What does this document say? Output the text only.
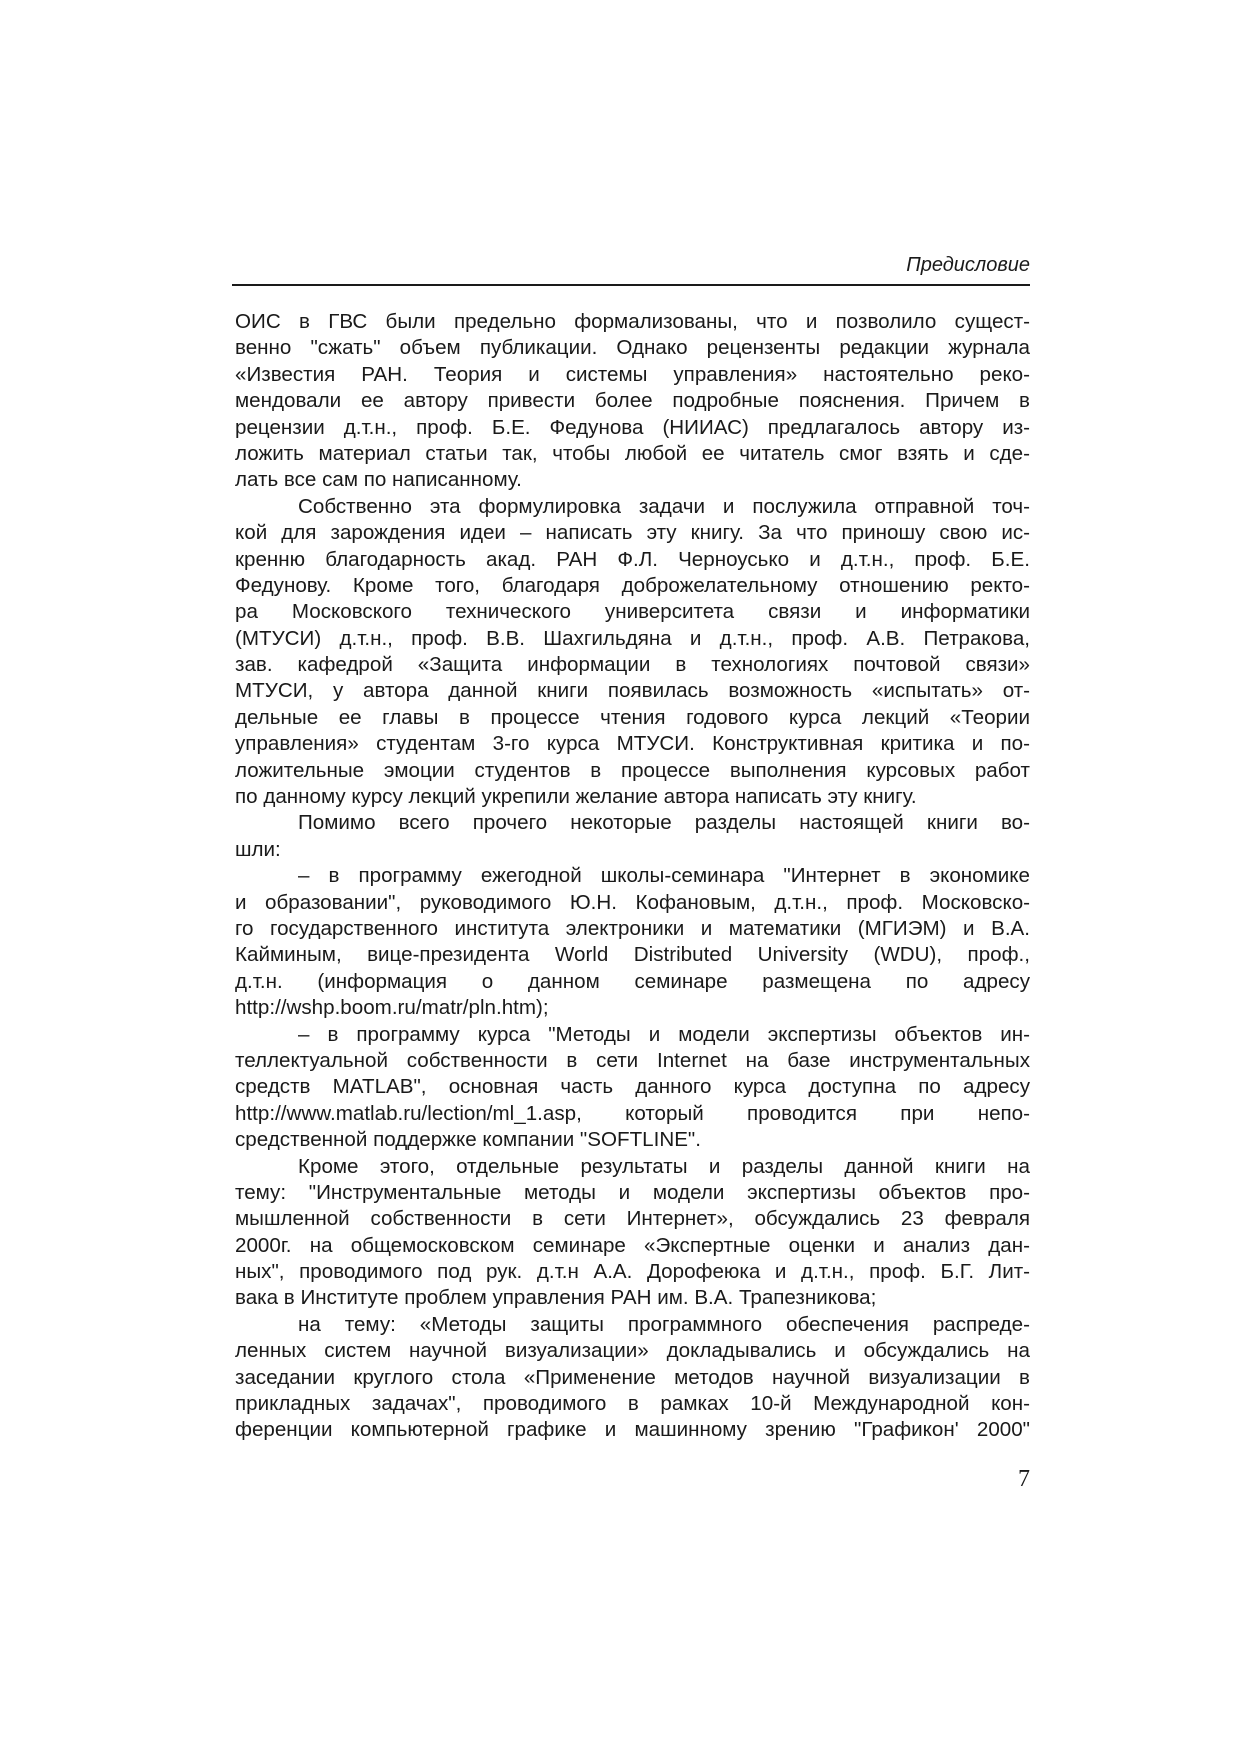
Предисловие
ОИС в ГВС были предельно формализованы, что и позволило сущест-
венно "сжать" объем публикации. Однако рецензенты редакции журнала
«Известия РАН. Теория и системы управления» настоятельно реко-
мендовали ее автору привести более подробные пояснения. Причем в
рецензии д.т.н., проф. Б.Е. Федунова (НИИАС) предлагалось автору из-
ложить материал статьи так, чтобы любой ее читатель смог взять и сде-
лать все сам по написанному.
Собственно эта формулировка задачи и послужила отправной точ-
кой для зарождения идеи – написать эту книгу. За что приношу свою ис-
кренню благодарность акад. РАН Ф.Л. Черноусько и д.т.н., проф. Б.Е.
Федунову. Кроме того, благодаря доброжелательному отношению ректо-
ра Московского технического университета связи и информатики
(МТУСИ) д.т.н., проф. В.В. Шахгильдяна и д.т.н., проф. А.В. Петракова,
зав. кафедрой «Защита информации в технологиях почтовой связи»
МТУСИ, у автора данной книги появилась возможность «испытать» от-
дельные ее главы в процессе чтения годового курса лекций «Теории
управления» студентам 3-го курса МТУСИ. Конструктивная критика и по-
ложительные эмоции студентов в процессе выполнения курсовых работ
по данному курсу лекций укрепили желание автора написать эту книгу.
Помимо всего прочего некоторые разделы настоящей книги во-
шли:
– в программу ежегодной школы-семинара "Интернет в экономике
и образовании", руководимого Ю.Н. Кофановым, д.т.н., проф. Московско-
го государственного института электроники и математики (МГИЭМ) и В.А.
Кайминым, вице-президента World Distributed University (WDU), проф.,
д.т.н. (информация о данном семинаре размещена по адресу
http://wshp.boom.ru/matr/pln.htm);
– в программу курса "Методы и модели экспертизы объектов ин-
теллектуальной собственности в сети Internet на базе инструментальных
средств MATLAB", основная часть данного курса доступна по адресу
http://www.matlab.ru/lection/ml_1.asp, который проводится при непо-
средственной поддержке компании "SOFTLINE".
Кроме этого, отдельные результаты и разделы данной книги на
тему: "Инструментальные методы и модели экспертизы объектов про-
мышленной собственности в сети Интернет», обсуждались 23 февраля
2000г. на общемосковском семинаре «Экспертные оценки и анализ дан-
ных", проводимого под рук. д.т.н А.А. Дорофеюка и д.т.н., проф. Б.Г. Лит-
вака в Институте проблем управления РАН им. В.А. Трапезникова;
на тему: «Методы защиты программного обеспечения распреде-
ленных систем научной визуализации» докладывались и обсуждались на
заседании круглого стола «Применение методов научной визуализации в
прикладных задачах", проводимого в рамках 10-й Международной кон-
ференции компьютерной графике и машинному зрению "Графикон' 2000"
7
